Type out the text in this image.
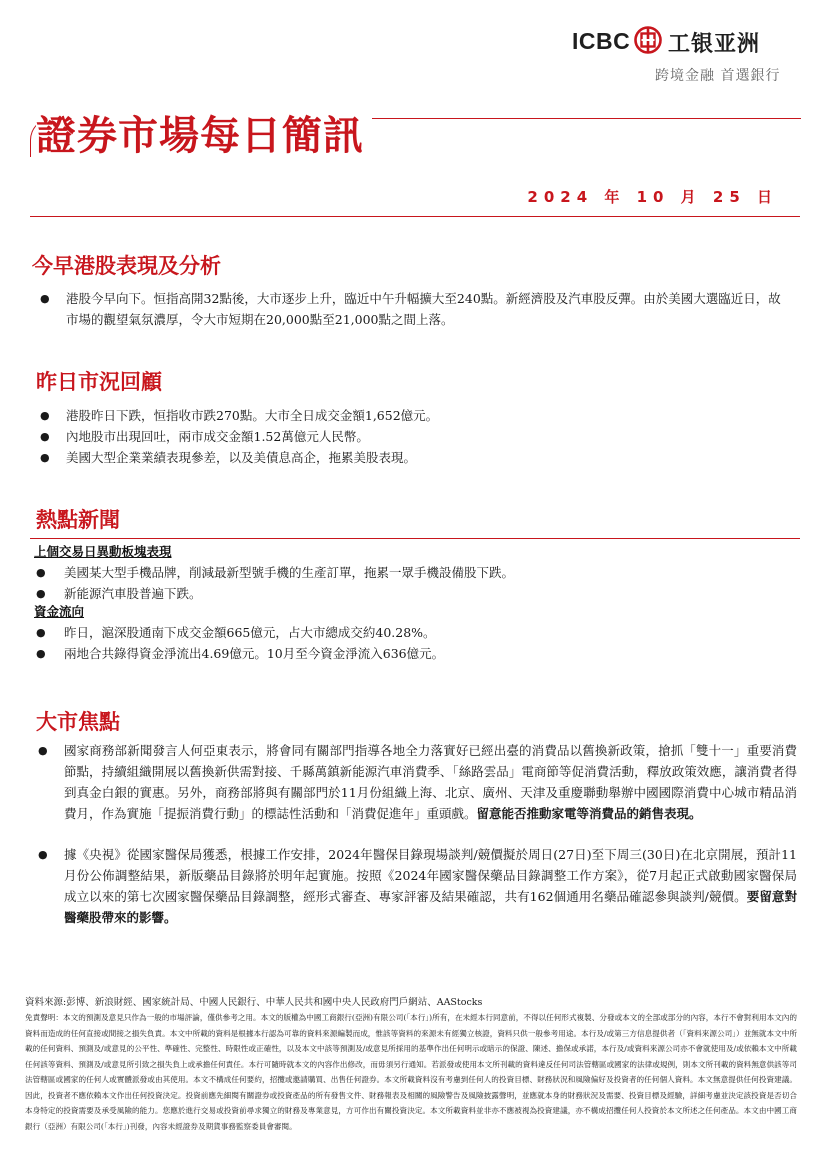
ICBC 工银亚洲
跨境金融 首選銀行
證券市場每日簡訊
2024 年 10 月 25 日
今早港股表現及分析
● 港股今早向下。恒指高開32點後，大市逐步上升，臨近中午升幅擴大至240點。新經濟股及汽車股反彈。由於美國大選臨近日，故市場的觀望氣氛濃厚，令大市短期在20,000點至21,000點之間上落。
昨日市況回顧
● 港股昨日下跌，恒指收市跌270點。大市全日成交金額1,652億元。
● 內地股市出現回吐，兩市成交金額1.52萬億元人民幣。
● 美國大型企業業績表現參差，以及美債息高企，拖累美股表現。
熱點新聞
上個交易日異動板塊表現
● 美國某大型手機品牌，削減最新型號手機的生產訂單，拖累一眾手機設備股下跌。
● 新能源汽車股普遍下跌。
資金流向
● 昨日，滬深股通南下成交金額665億元，占大市總成交約40.28%。
● 兩地合共錄得資金淨流出4.69億元。10月至今資金淨流入636億元。
大市焦點
● 國家商務部新聞發言人何亞東表示，將會同有關部門指導各地全力落實好已經出臺的消費品以舊換新政策，搶抓「雙十一」重要消費節點，持續組織開展以舊換新供需對接、千縣萬鎮新能源汽車消費季、「絲路雲品」電商節等促消費活動，釋放政策效應，讓消費者得到真金白銀的實惠。另外，商務部將與有關部門於11月份組織上海、北京、廣州、天津及重慶聯動舉辦中國國際消費中心城市精品消費月，作為實施「提振消費行動」的標誌性活動和「消費促進年」重頭戲。留意能否推動家電等消費品的銷售表現。
● 據《央視》從國家醫保局獲悉，根據工作安排，2024年醫保目錄現場談判/競價擬於周日(27日)至下周三(30日)在北京開展，預計11月份公佈調整結果，新版藥品目錄將於明年起實施。按照《2024年國家醫保藥品目錄調整工作方案》，從7月起正式啟動國家醫保局成立以來的第七次國家醫保藥品目錄調整，經形式審查、專家評審及結果確認，共有162個通用名藥品確認參與談判/競價。要留意對醫藥股帶來的影響。
資料來源:彭博、新浪財經、國家統計局、中國人民銀行、中華人民共和國中央人民政府門戶網站、AAStocks
免責聲明：本文的預測及意見只作為一般的市場評論，僅供參考之用。本文的版權為中國工商銀行(亞洲)有限公司(「本行」)所有，在未經本行同意前，不得以任何形式複製、分發或本文的全部或部分的內容，本行不會對利用本文內的資料而造成的任何直接或間接之損失負責。本文中所載的資料是根據本行認為可靠的資料來源編製而成，惟該等資料的來源未有經獨立核證，資料只供一般參考用途。本行及/或第三方信息提供者（「資料來源公司」）並無就本文中所載的任何資料、預測及/或意見的公平性、準確性、完整性、時限性或正確性，以及本文中該等預測及/或意見所採用的基準作出任何明示或暗示的保證、陳述、擔保或承諾，本行及/或資料來源公司亦不會就使用及/或依賴本文中所載任何該等資料、預測及/或意見所引致之損失負上或承擔任何責任。本行可隨時就本文的內容作出修改，而毋須另行通知。若派發或使用本文所刊載的資料違反任何司法管轄區或國家的法律或規例，則本文所刊載的資料無意供該等司法管轄區或國家的任何人或實體派發或由其使用。本文不構成任何要約，招攬或邀請購買、出售任何證券。本文所載資料沒有考慮到任何人的投資目標、財務狀況和風險偏好及投資者的任何個人資料。本文無意提供任何投資建議。因此，投資者不應依賴本文作出任何投資決定。投資前應先細閱有關證券或投資產品的所有發售文件、財務報表及相關的風險警告及風險披露聲明，並應就本身的財務狀況及需要、投資目標及經驗，詳細考慮並決定該投資是否切合本身特定的投資需要及承受風險的能力。您應於進行交易或投資前尋求獨立的財務及專業意見，方可作出有關投資決定。本文所載資料並非亦不應被視為投資建議，亦不構成招攬任何人投資於本文所述之任何產品。本文由中國工商銀行（亞洲）有限公司(「本行」)刊發，內容未經證券及期貨事務監察委員會審閱。
